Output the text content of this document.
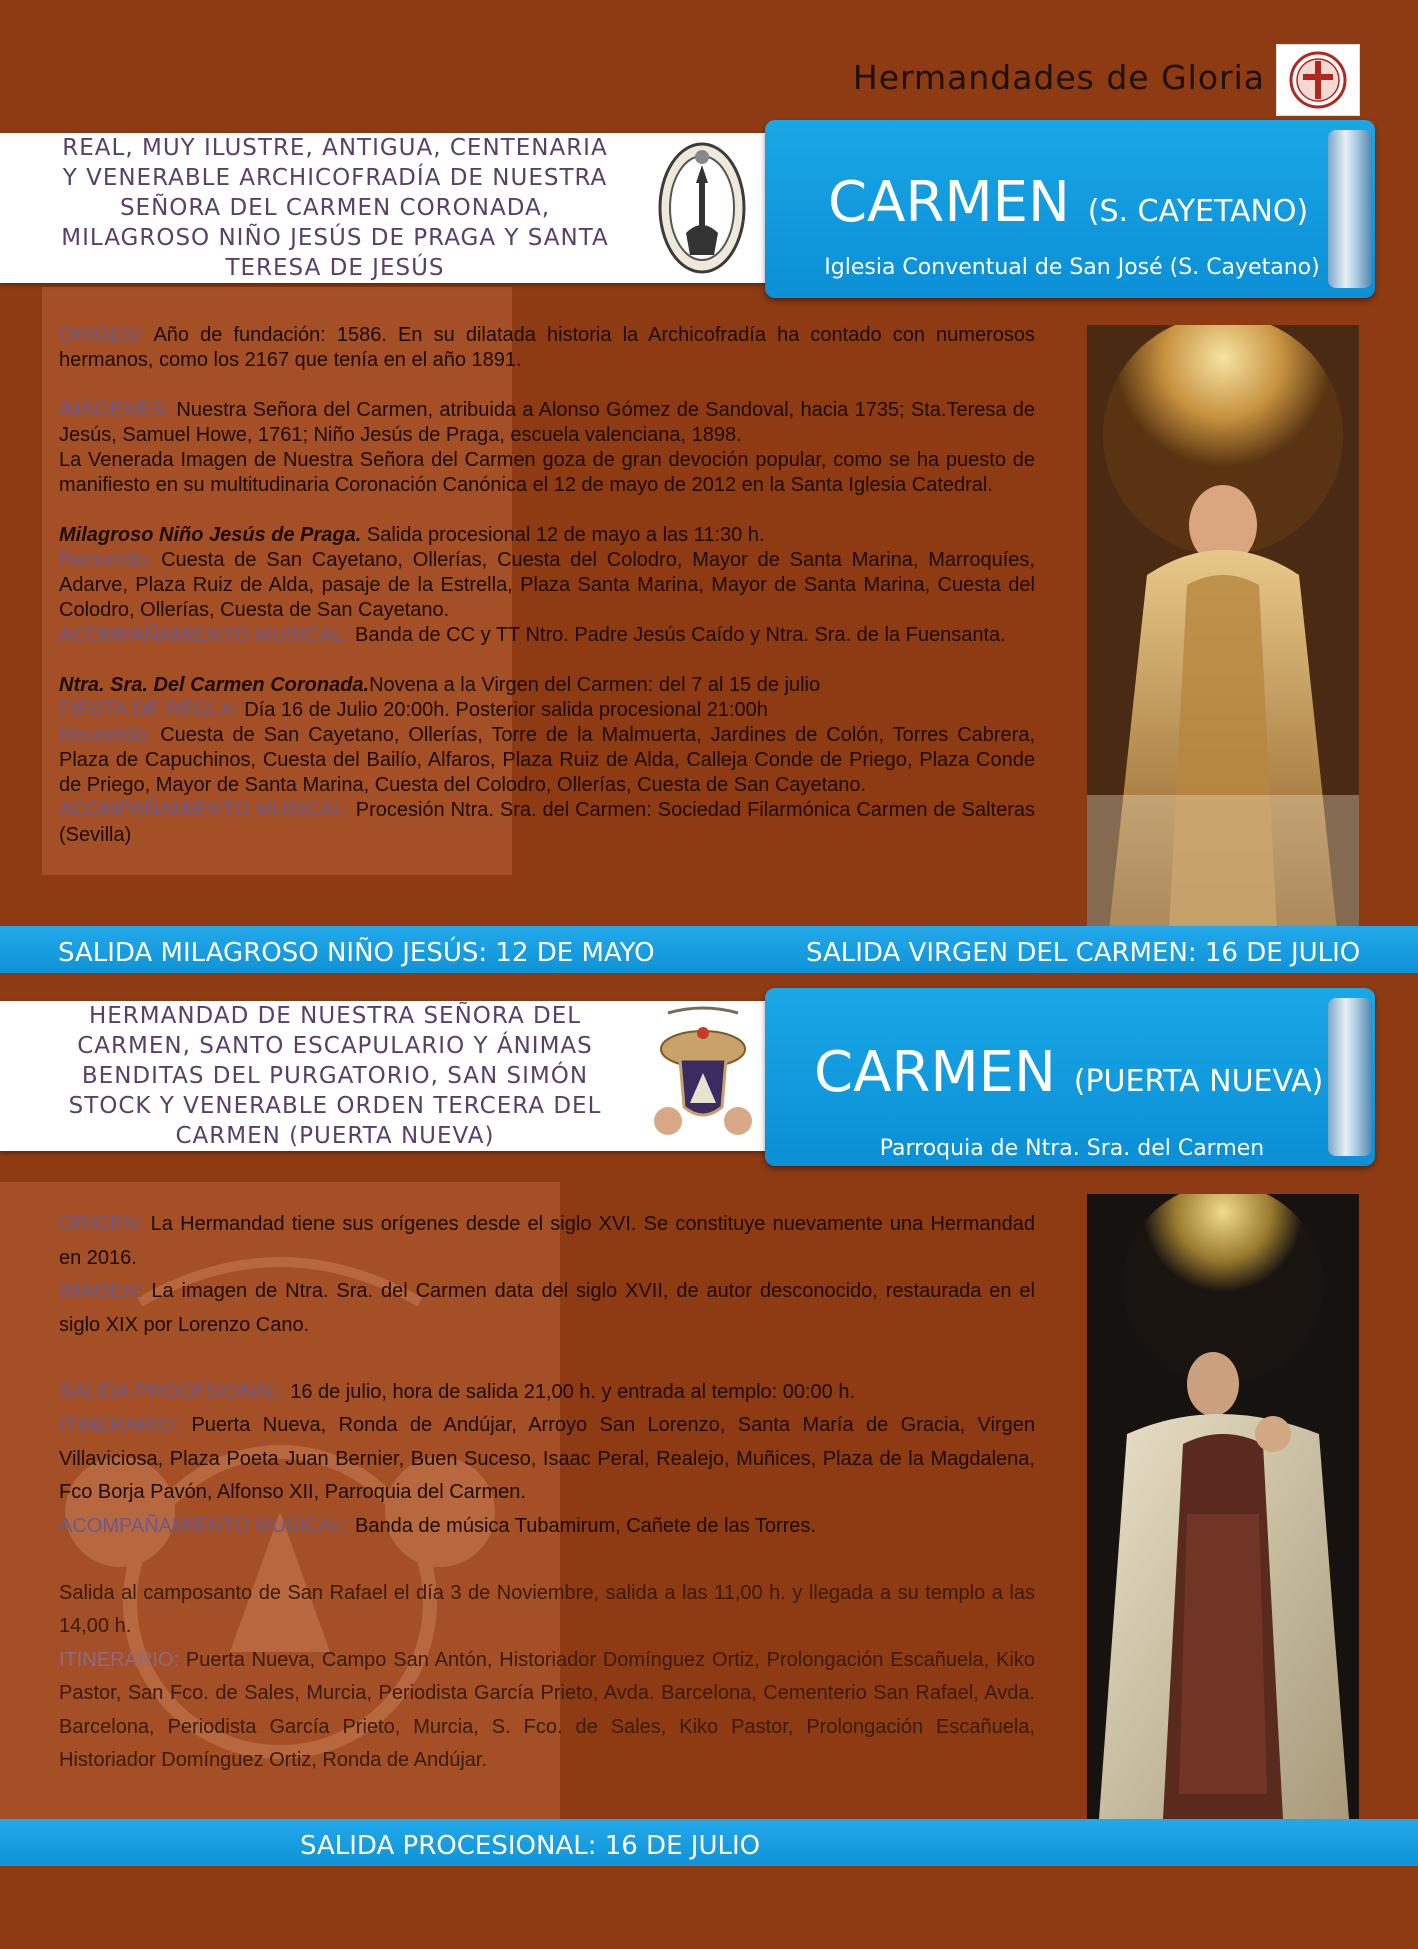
Hermandades de Gloria
REAL, MUY ILUSTRE, ANTIGUA, CENTENARIA Y VENERABLE ARCHICOFRADÍA DE NUESTRA SEÑORA DEL CARMEN CORONADA, MILAGROSO NIÑO JESÚS DE PRAGA Y SANTA TERESA DE JESÚS
CARMEN (S. CAYETANO)
Iglesia Conventual de San José (S. Cayetano)

ORIGEN: Año de fundación: 1586. En su dilatada historia la Archicofradía ha contado con numerosos hermanos, como los 2167 que tenía en el año 1891.

IMÁGENES: Nuestra Señora del Carmen, atribuida a Alonso Gómez de Sandoval, hacia 1735; Sta.Teresa de Jesús, Samuel Howe, 1761; Niño Jesús de Praga, escuela valenciana, 1898.

La Venerada Imagen de Nuestra Señora del Carmen goza de gran devoción popular, como se ha puesto de manifiesto en su multitudinaria Coronación Canónica el 12 de mayo de 2012 en la Santa Iglesia Catedral.

Milagroso Niño Jesús de Praga. Salida procesional 12 de mayo a las 11:30 h.

Recorrido: Cuesta de San Cayetano, Ollerías, Cuesta del Colodro, Mayor de Santa Marina, Marroquíes, Adarve, Plaza Ruiz de Alda, pasaje de la Estrella, Plaza Santa Marina, Mayor de Santa Marina, Cuesta del Colodro, Ollerías, Cuesta de San Cayetano.

ACOMPAÑAMIENTO MUSICAL: Banda de CC y TT Ntro. Padre Jesús Caído y Ntra. Sra. de la Fuensanta.

Ntra. Sra. Del Carmen Coronada.Novena a la Virgen del Carmen: del 7 al 15 de julio

FIESTA DE REGLA: Día 16 de Julio 20:00h. Posterior salida procesional 21:00h

Recorrido: Cuesta de San Cayetano, Ollerías, Torre de la Malmuerta, Jardines de Colón, Torres Cabrera, Plaza de Capuchinos, Cuesta del Bailío, Alfaros, Plaza Ruiz de Alda, Calleja Conde de Priego, Plaza Conde de Priego, Mayor de Santa Marina, Cuesta del Colodro, Ollerías, Cuesta de San Cayetano.

ACOMPAÑAMIENTO MUSICAL: Procesión Ntra. Sra. del Carmen: Sociedad Filarmónica Carmen de Salteras (Sevilla)

SALIDA MILAGROSO NIÑO JESÚS: 12 DE MAYO	SALIDA VIRGEN DEL CARMEN: 16 DE JULIO
HERMANDAD DE NUESTRA SEÑORA DEL CARMEN, SANTO ESCAPULARIO Y ÁNIMAS BENDITAS DEL PURGATORIO, SAN SIMÓN STOCK Y VENERABLE ORDEN TERCERA DEL CARMEN (PUERTA NUEVA)
CARMEN (PUERTA NUEVA)
Parroquia de Ntra. Sra. del Carmen

ORIGEN: La Hermandad tiene sus orígenes desde el siglo XVI. Se constituye nuevamente una Hermandad en 2016.

IMAGEN: La imagen de Ntra. Sra. del Carmen data del siglo XVII, de autor desconocido, restaurada en el siglo XIX por Lorenzo Cano.

SALIDA PROCESIONAL: 16 de julio, hora de salida 21,00 h. y entrada al templo: 00:00 h.

ITINERARIO: Puerta Nueva, Ronda de Andújar, Arroyo San Lorenzo, Santa María de Gracia, Virgen Villaviciosa, Plaza Poeta Juan Bernier, Buen Suceso, Isaac Peral, Realejo, Muñices, Plaza de la Magdalena, Fco Borja Pavón, Alfonso XII, Parroquia del Carmen.

ACOMPAÑAMIENTO MUSICAL: Banda de música Tubamirum, Cañete de las Torres.

Salida al camposanto de San Rafael el día 3 de Noviembre, salida a las 11,00 h. y llegada a su templo a las 14,00 h.

ITINERARIO: Puerta Nueva, Campo San Antón, Historiador Domínguez Ortiz, Prolongación Escañuela, Kiko Pastor, San Fco. de Sales, Murcia, Periodista García Prieto, Avda. Barcelona, Cementerio San Rafael, Avda. Barcelona, Periodista García Prieto, Murcia, S. Fco. de Sales, Kiko Pastor, Prolongación Escañuela, Historiador Domínguez Ortiz, Ronda de Andújar.

SALIDA PROCESIONAL: 16 DE JULIO
